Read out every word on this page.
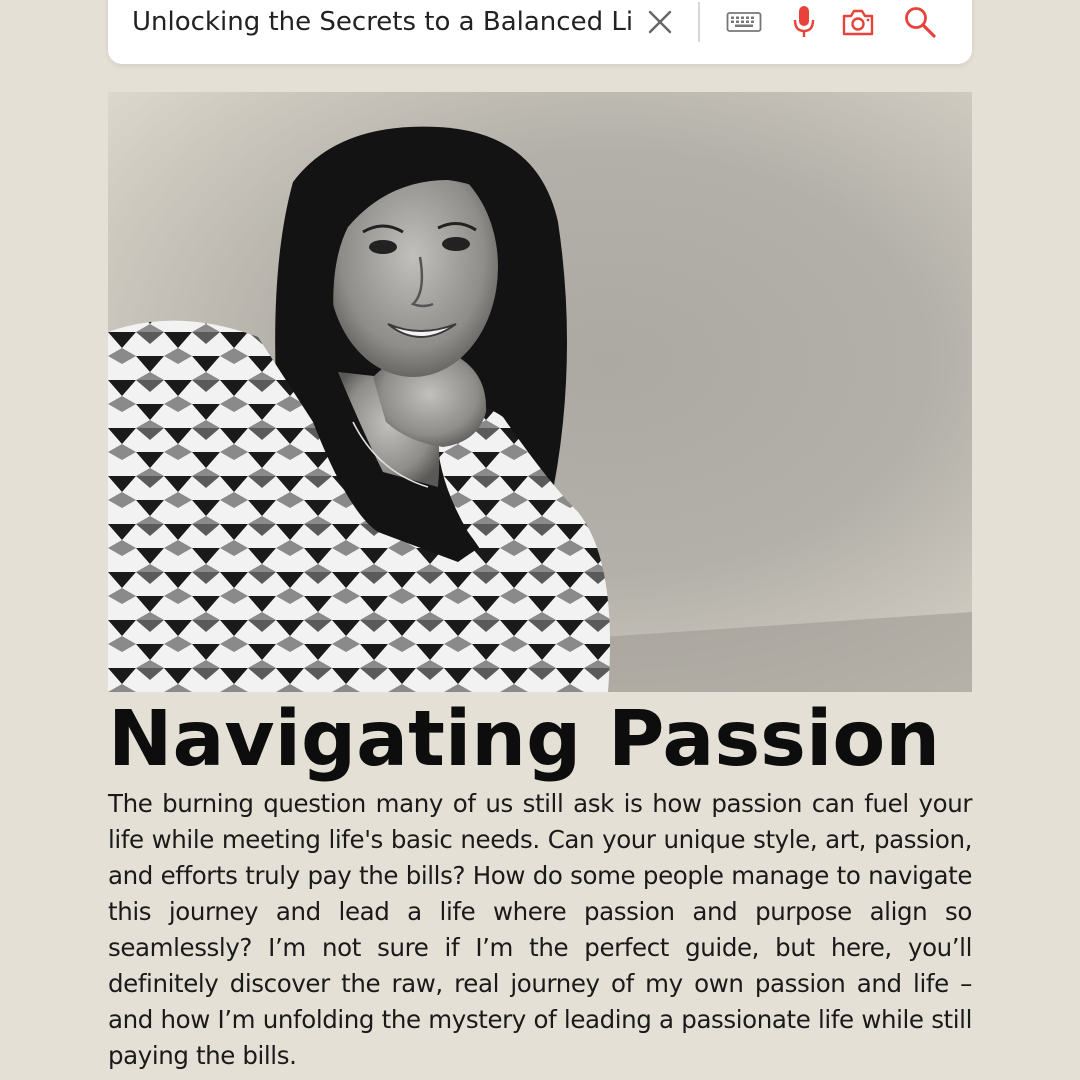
Unlocking the Secrets to a Balanced Life
Navigating Passion

The burning question many of us still ask is how passion can fuel your life while meeting life's basic needs. Can your unique style, art, passion, and efforts truly pay the bills? How do some people manage to navigate this journey and lead a life where passion and purpose align so seamlessly? I’m not sure if I’m the perfect guide, but here, you’ll definitely discover the raw, real journey of my own passion and life – and how I’m unfolding the mystery of leading a passionate life while still paying the bills.
